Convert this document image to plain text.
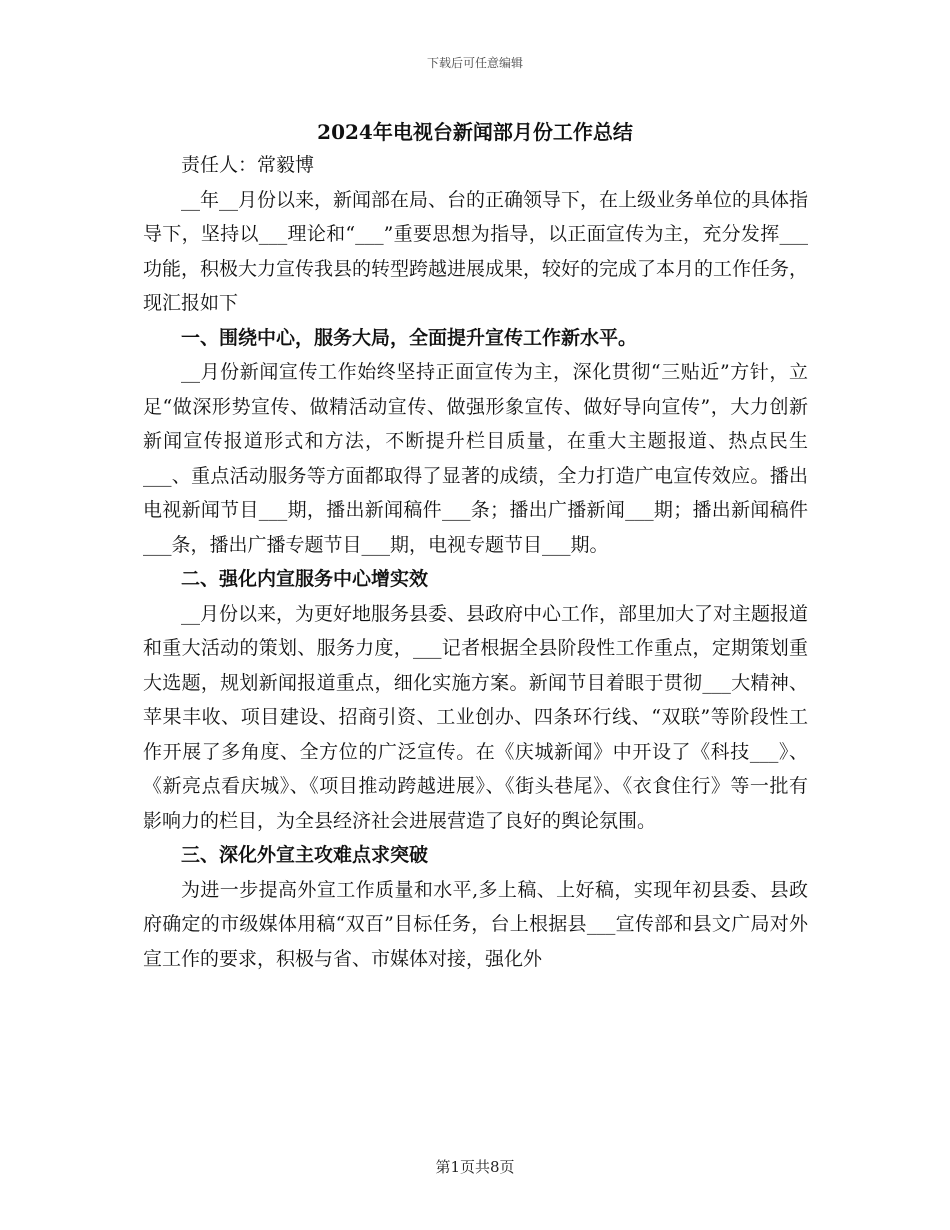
下载后可任意编辑
2024年电视台新闻部月份工作总结

责任人：常毅博

__年__月份以来，新闻部在局、台的正确领导下，在上级业务单位的具体指导下，坚持以___理论和“___”重要思想为指导，以正面宣传为主，充分发挥___功能，积极大力宣传我县的转型跨越进展成果，较好的完成了本月的工作任务，现汇报如下

一、围绕中心，服务大局，全面提升宣传工作新水平。

__月份新闻宣传工作始终坚持正面宣传为主，深化贯彻“三贴近”方针，立足“做深形势宣传、做精活动宣传、做强形象宣传、做好导向宣传”，大力创新新闻宣传报道形式和方法，不断提升栏目质量，在重大主题报道、热点民生___、重点活动服务等方面都取得了显著的成绩，全力打造广电宣传效应。播出电视新闻节目___期，播出新闻稿件___条；播出广播新闻___期；播出新闻稿件___条，播出广播专题节目___期，电视专题节目___期。

二、强化内宣服务中心增实效

__月份以来，为更好地服务县委、县政府中心工作，部里加大了对主题报道和重大活动的策划、服务力度，___记者根据全县阶段性工作重点，定期策划重大选题，规划新闻报道重点，细化实施方案。新闻节目着眼于贯彻___大精神、苹果丰收、项目建设、招商引资、工业创办、四条环行线、“双联”等阶段性工作开展了多角度、全方位的广泛宣传。在《庆城新闻》中开设了《科技___》、《新亮点看庆城》、《项目推动跨越进展》、《街头巷尾》、《衣食住行》等一批有影响力的栏目，为全县经济社会进展营造了良好的舆论氛围。

三、深化外宣主攻难点求突破

为进一步提高外宣工作质量和水平,多上稿、上好稿，实现年初县委、县政府确定的市级媒体用稿“双百”目标任务，台上根据县___宣传部和县文广局对外宣工作的要求，积极与省、市媒体对接，强化外

第1页共8页
